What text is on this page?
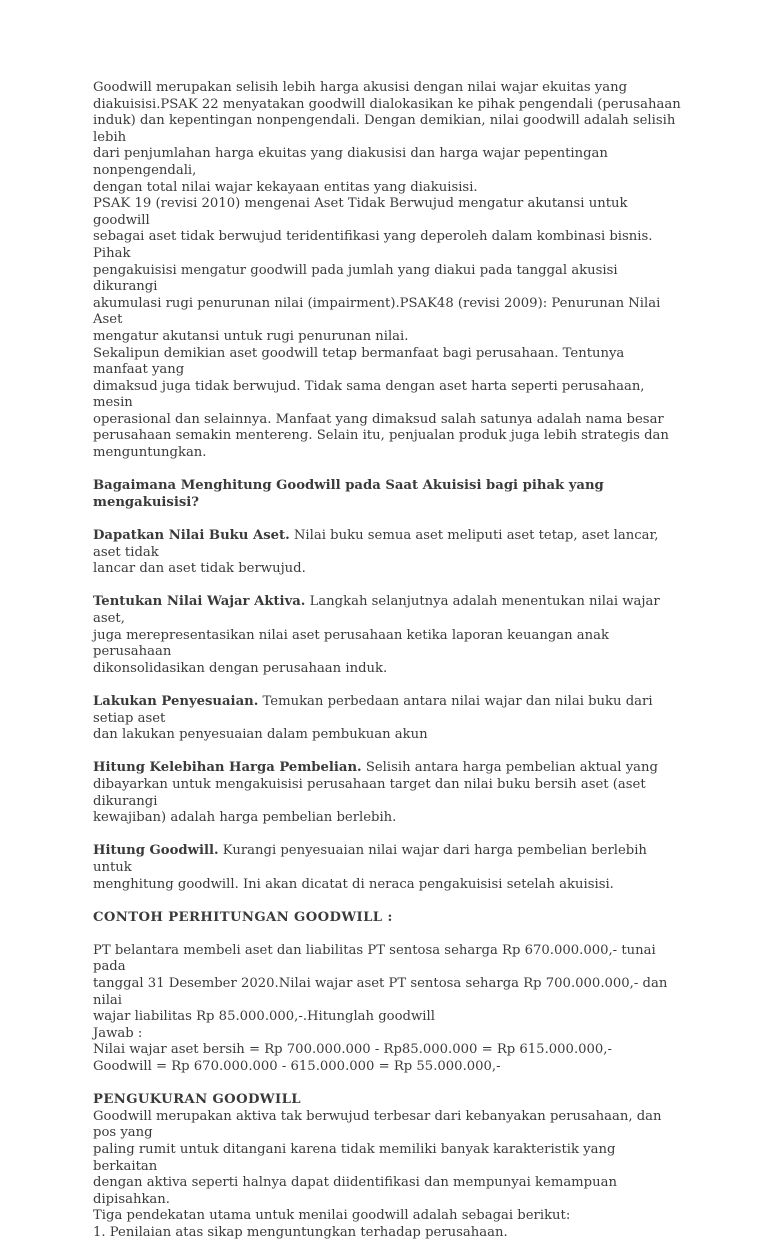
Goodwill merupakan selisih lebih harga akusisi dengan nilai wajar ekuitas yang
diakuisisi.PSAK 22 menyatakan goodwill dialokasikan ke pihak pengendali (perusahaan
induk) dan kepentingan nonpengendali. Dengan demikian, nilai goodwill adalah selisih lebih
dari penjumlahan harga ekuitas yang diakusisi dan harga wajar pepentingan nonpengendali,
dengan total nilai wajar kekayaan entitas yang diakuisisi.

PSAK 19 (revisi 2010) mengenai Aset Tidak Berwujud mengatur akutansi untuk goodwill
sebagai aset tidak berwujud teridentifikasi yang deperoleh dalam kombinasi bisnis. Pihak
pengakuisisi mengatur goodwill pada jumlah yang diakui pada tanggal akusisi dikurangi
akumulasi rugi penurunan nilai (impairment).PSAK48 (revisi 2009): Penurunan Nilai Aset
mengatur akutansi untuk rugi penurunan nilai.

Sekalipun demikian aset goodwill tetap bermanfaat bagi perusahaan. Tentunya manfaat yang
dimaksud juga tidak berwujud. Tidak sama dengan aset harta seperti perusahaan, mesin
operasional dan selainnya. Manfaat yang dimaksud salah satunya adalah nama besar
perusahaan semakin mentereng. Selain itu, penjualan produk juga lebih strategis dan
menguntungkan.

Bagaimana Menghitung Goodwill pada Saat Akuisisi bagi pihak yang mengakuisisi?

Dapatkan Nilai Buku Aset. Nilai buku semua aset meliputi aset tetap, aset lancar, aset tidak
lancar dan aset tidak berwujud.

Tentukan Nilai Wajar Aktiva. Langkah selanjutnya adalah menentukan nilai wajar aset,
juga merepresentasikan nilai aset perusahaan ketika laporan keuangan anak perusahaan
dikonsolidasikan dengan perusahaan induk.

Lakukan Penyesuaian. Temukan perbedaan antara nilai wajar dan nilai buku dari setiap aset
dan lakukan penyesuaian dalam pembukuan akun

Hitung Kelebihan Harga Pembelian. Selisih antara harga pembelian aktual yang
dibayarkan untuk mengakuisisi perusahaan target dan nilai buku bersih aset (aset dikurangi
kewajiban) adalah harga pembelian berlebih.

Hitung Goodwill. Kurangi penyesuaian nilai wajar dari harga pembelian berlebih untuk
menghitung goodwill. Ini akan dicatat di neraca pengakuisisi setelah akuisisi.

CONTOH PERHITUNGAN GOODWILL :

PT belantara membeli aset dan liabilitas PT sentosa seharga Rp 670.000.000,- tunai pada
tanggal 31 Desember 2020.Nilai wajar aset PT sentosa seharga Rp 700.000.000,- dan nilai
wajar liabilitas Rp 85.000.000,-.Hitunglah goodwill

Jawab :

Nilai wajar aset bersih = Rp 700.000.000 - Rp85.000.000 = Rp 615.000.000,-

Goodwill = Rp 670.000.000 - 615.000.000 = Rp 55.000.000,-

PENGUKURAN GOODWILL

Goodwill merupakan aktiva tak berwujud terbesar dari kebanyakan perusahaan, dan pos yang
paling rumit untuk ditangani karena tidak memiliki banyak karakteristik yang berkaitan
dengan aktiva seperti halnya dapat diidentifikasi dan mempunyai kemampuan dipisahkan.
Tiga pendekatan utama untuk menilai goodwill adalah sebagai berikut:

1. Penilaian atas sikap menguntungkan terhadap perusahaan.
